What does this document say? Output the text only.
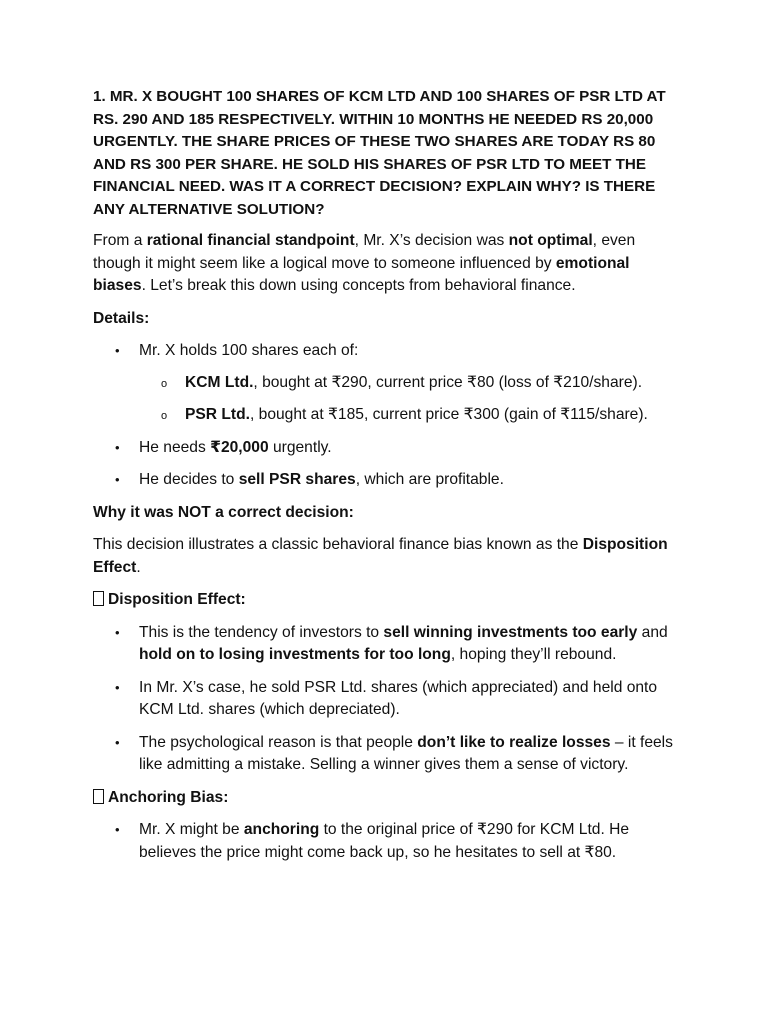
1. MR. X BOUGHT 100 SHARES OF KCM LTD AND 100 SHARES OF PSR LTD AT RS. 290 AND 185 RESPECTIVELY. WITHIN 10 MONTHS HE NEEDED RS 20,000 URGENTLY. THE SHARE PRICES OF THESE TWO SHARES ARE TODAY RS 80 AND RS 300 PER SHARE. HE SOLD HIS SHARES OF PSR LTD TO MEET THE FINANCIAL NEED. WAS IT A CORRECT DECISION? EXPLAIN WHY? IS THERE ANY ALTERNATIVE SOLUTION?

From a rational financial standpoint, Mr. X’s decision was not optimal, even though it might seem like a logical move to someone influenced by emotional biases. Let’s break this down using concepts from behavioral finance.

Details:

• Mr. X holds 100 shares each of:
o KCM Ltd., bought at ₹290, current price ₹80 (loss of ₹210/share).
o PSR Ltd., bought at ₹185, current price ₹300 (gain of ₹115/share).
• He needs ₹20,000 urgently.
• He decides to sell PSR shares, which are profitable.

Why it was NOT a correct decision:

This decision illustrates a classic behavioral finance bias known as the Disposition Effect.

Disposition Effect:

• This is the tendency of investors to sell winning investments too early and hold on to losing investments for too long, hoping they’ll rebound.
• In Mr. X’s case, he sold PSR Ltd. shares (which appreciated) and held onto KCM Ltd. shares (which depreciated).
• The psychological reason is that people don’t like to realize losses – it feels like admitting a mistake. Selling a winner gives them a sense of victory.

Anchoring Bias:

• Mr. X might be anchoring to the original price of ₹290 for KCM Ltd. He believes the price might come back up, so he hesitates to sell at ₹80.
